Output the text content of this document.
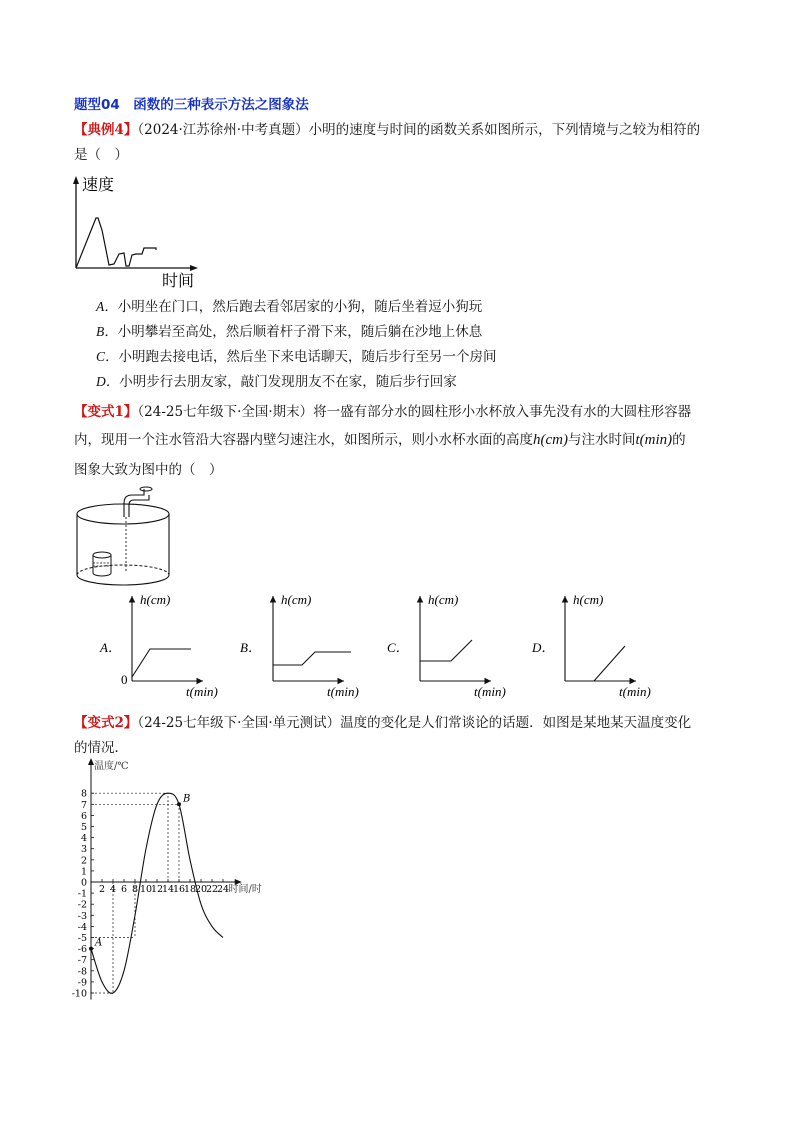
题型04　函数的三种表示方法之图象法
【典例4】（2024·江苏徐州·中考真题）小明的速度与时间的函数关系如图所示，下列情境与之较为相符的
是（　）
速度
时间
A．小明坐在门口，然后跑去看邻居家的小狗，随后坐着逗小狗玩
B．小明攀岩至高处，然后顺着杆子滑下来，随后躺在沙地上休息
C．小明跑去接电话，然后坐下来电话聊天，随后步行至另一个房间
D．小明步行去朋友家，敲门发现朋友不在家，随后步行回家
【变式1】（24-25七年级下·全国·期末）将一盛有部分水的圆柱形小水杯放入事先没有水的大圆柱形容器
内，现用一个注水管沿大容器内壁匀速注水，如图所示，则小水杯水面的高度h(cm)与注水时间t(min)的
图象大致为图中的（　）
A．
h(cm)
t(min)
0
B．
h(cm)
t(min)
C．
h(cm)
t(min)
D．
h(cm)
t(min)
【变式2】（24-25七年级下·全国·单元测试）温度的变化是人们常谈论的话题．如图是某地某天温度变化
的情况．
-10
-9
-8
-7
-6
-5
-4
-3
-2
-1
0
1
2
3
4
5
6
7
8
2 4 6 8 10
12
14
16
18
20
22
24
温度/℃
时间/时
A
B
